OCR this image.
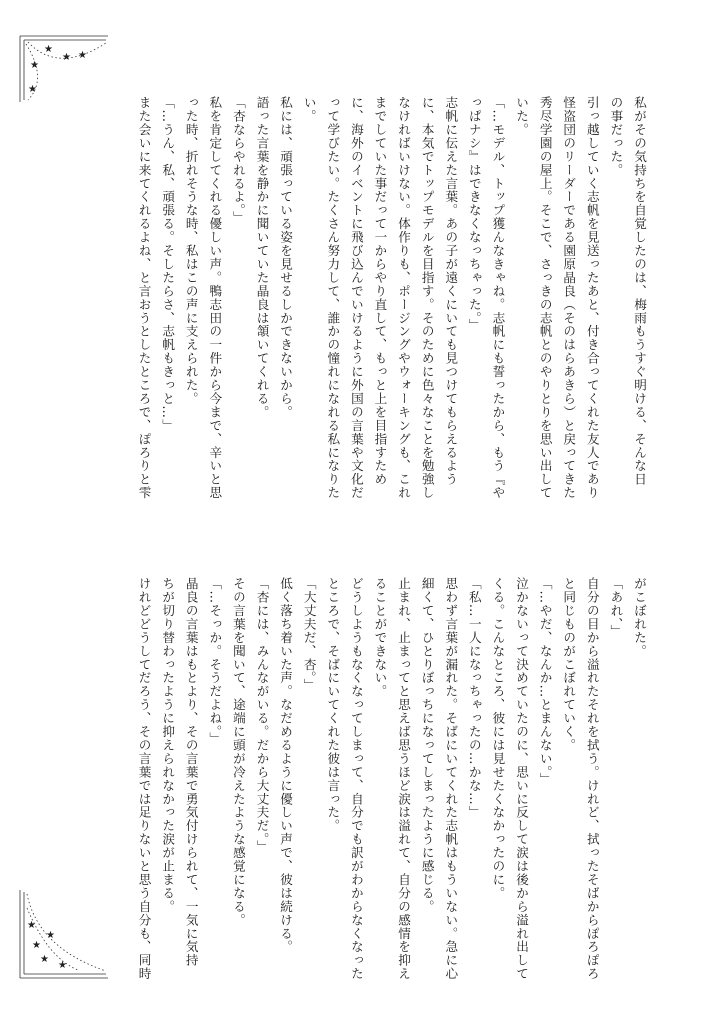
★
★ ★
★
★
★
★
★
★
★
私がその気持ちを自覚したのは、梅雨もうすぐ明ける、そんな日
の事だった。
引っ越していく志帆を見送ったあと、付き合ってくれた友人であり
怪盗団のリーダーである園原晶良（そのはらあきら）と戻ってきた
秀尽学園の屋上。そこで、さっきの志帆とのやりとりを思い出して
いた。
「…モデル、トップ獲んなきゃね。志帆にも誓ったから、もう『や
っぱナシ』はできなくなっちゃった。」
志帆に伝えた言葉。あの子が遠くにいても見つけてもらえるよう
に、本気でトップモデルを目指す。そのために色々なことを勉強し
なければいけない。体作りも、ポージングやウォーキングも、これ
までしていた事だって一からやり直して、もっと上を目指すため
に、海外のイベントに飛び込んでいけるように外国の言葉や文化だ
って学びたい。たくさん努力して、誰かの憧れになれる私になりた
い。
私には、頑張っている姿を見せるしかできないから。
語った言葉を静かに聞いていた晶良は頷いてくれる。
「杏ならやれるよ。」
私を肯定してくれる優しい声。鴨志田の一件から今まで、辛いと思
った時、折れそうな時、私はこの声に支えられた。
「…うん、私、頑張る。そしたらさ、志帆もきっと…」
また会いに来てくれるよね、と言おうとしたところで、ぽろりと雫
がこぼれた。
「あれ、」
自分の目から溢れたそれを拭う。けれど、拭ったそばからぽろぽろ
と同じものがこぼれていく。
「…やだ、なんか…とまんない。」
泣かないって決めていたのに、思いに反して涙は後から溢れ出して
くる。こんなところ、彼には見せたくなかったのに。
「私…一人になっちゃったの…かな…」
思わず言葉が漏れた。そばにいてくれた志帆はもういない。急に心
細くて、ひとりぼっちになってしまったように感じる。
止まれ、止まってと思えば思うほど涙は溢れて、自分の感情を抑え
ることができない。
どうしようもなくなってしまって、自分でも訳がわからなくなった
ところで、そばにいてくれた彼は言った。
「大丈夫だ、杏。」
低く落ち着いた声。なだめるように優しい声で、彼は続ける。
「杏には、みんながいる。だから大丈夫だ。」
その言葉を聞いて、途端に頭が冷えたような感覚になる。
「…そっか。そうだよね。」
晶良の言葉はもとより、その言葉で勇気付けられて、一気に気持
ちが切り替わったように抑えられなかった涙が止まる。
けれどどうしてだろう、その言葉では足りないと思う自分も、同時
